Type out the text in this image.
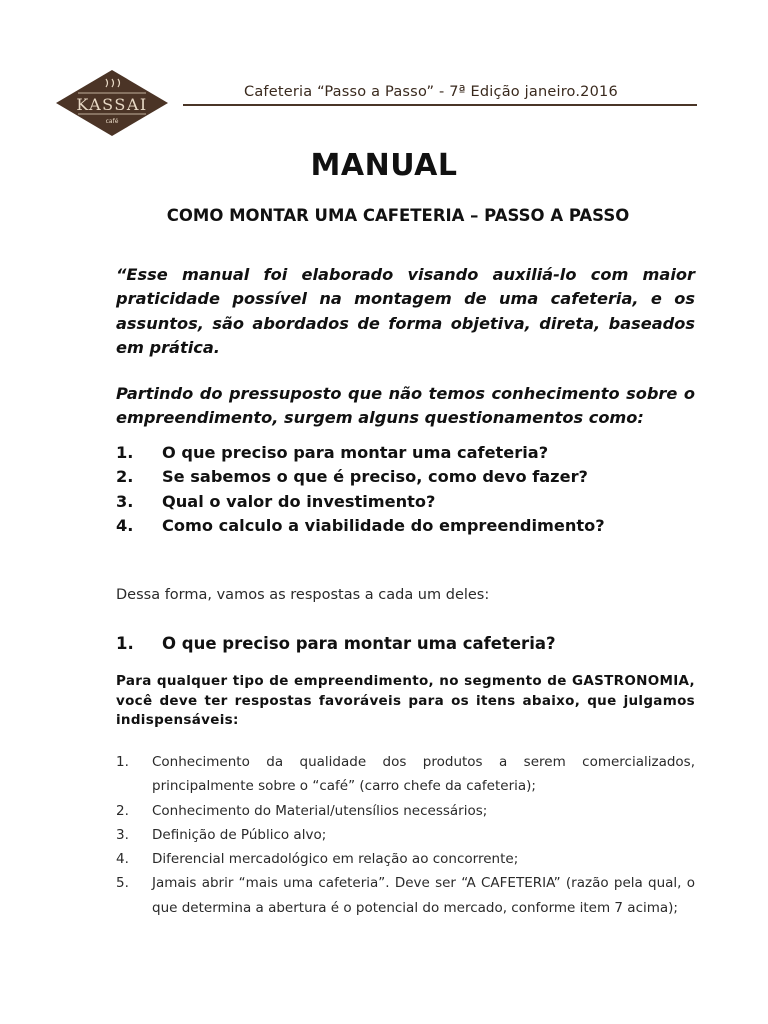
KASSAI
café
Cafeteria “Passo a Passo” - 7ª Edição janeiro.2016
MANUAL
COMO MONTAR UMA CAFETERIA – PASSO A PASSO
“Esse manual foi elaborado visando auxiliá-lo com maior praticidade possível na montagem de uma cafeteria, e os assuntos, são abordados de forma objetiva, direta, baseados em prática.
Partindo do pressuposto que não temos conhecimento sobre o empreendimento, surgem alguns questionamentos como:
1.	O que preciso para montar uma cafeteria?
2.	Se sabemos o que é preciso, como devo fazer?
3.	Qual o valor do investimento?
4.	Como calculo a viabilidade do empreendimento?
Dessa forma, vamos as respostas a cada um deles:
1.	O que preciso para montar uma cafeteria?
Para qualquer tipo de empreendimento, no segmento de GASTRONOMIA, você deve ter respostas favoráveis para os itens abaixo, que julgamos indispensáveis:
1.	Conhecimento da qualidade dos produtos a serem comercializados, principalmente sobre o “café” (carro chefe da cafeteria);
2.	Conhecimento do Material/utensílios necessários;
3.	Definição de Público alvo;
4.	Diferencial mercadológico em relação ao concorrente;
5.	Jamais abrir “mais uma cafeteria”. Deve ser “A CAFETERIA” (razão pela qual, o que determina a abertura é o potencial do mercado, conforme item 7 acima);
